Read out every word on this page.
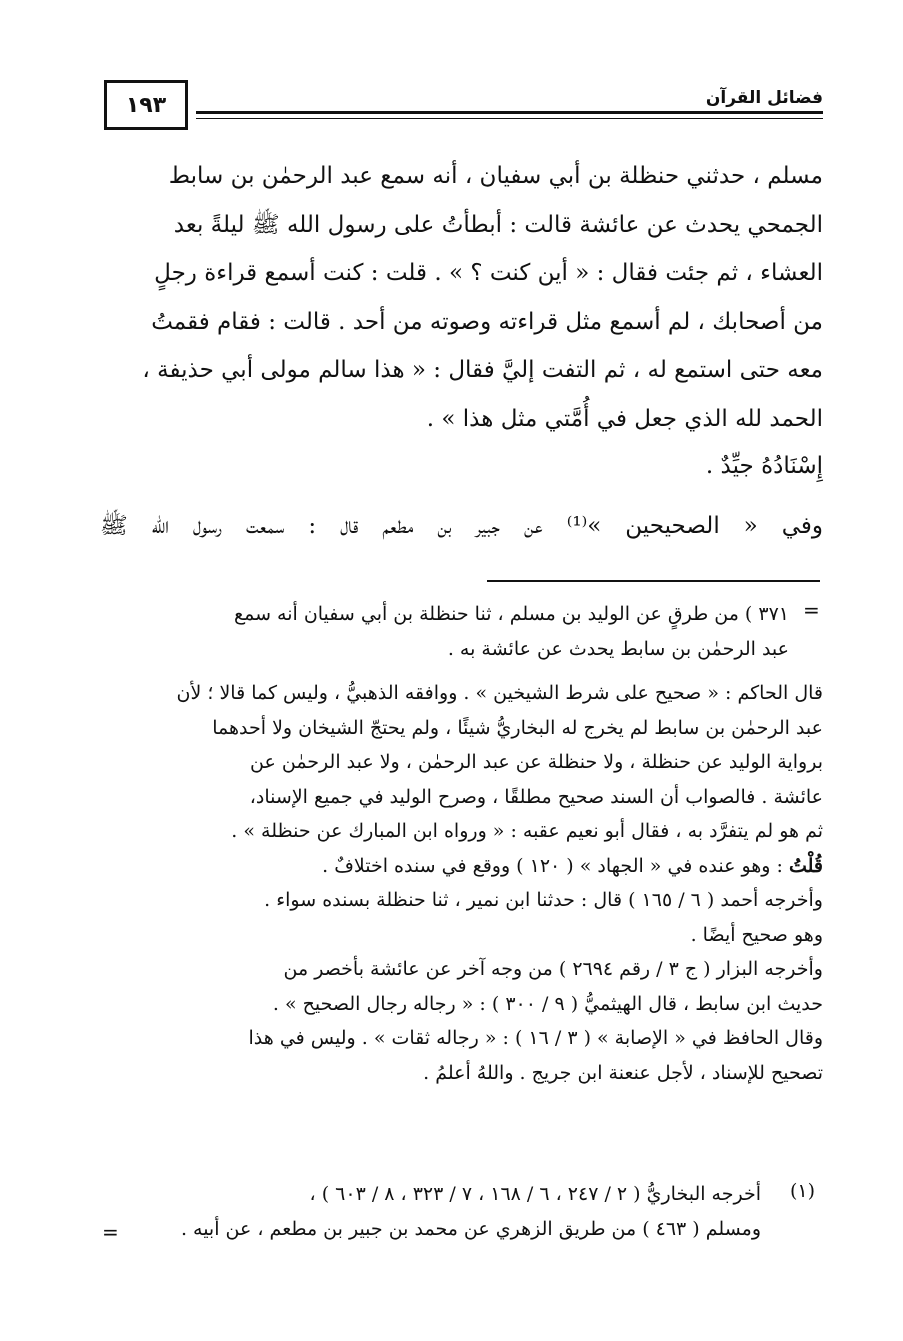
فضائل القرآن
١٩٣

مسلم ، حدثني حنظلة بن أبي سفيان ، أنه سمع عبد الرحمٰن بن سابط

الجمحي يحدث عن عائشة قالت : أبطأتُ على رسول الله ﷺ ليلةً بعد

العشاء ، ثم جئت فقال : « أين كنت ؟ » . قلت : كنت أسمع قراءة رجلٍ

من أصحابك ، لم أسمع مثل قراءته وصوته من أحد . قالت : فقام فقمتُ

معه حتى استمع له ، ثم التفت إليَّ فقال : « هذا سالم مولى أبي حذيفة ،

الحمد لله الذي جعل في أُمَّتي مثل هذا » .

إِسْنَادُهُ جيِّدٌ .
وفي « الصحيحين »⁽¹⁾ عن جبير بن مطعم قال : سمعت رسول الله ﷺ
=

٣٧١ ) من طرقٍ عن الوليد بن مسلم ، ثنا حنظلة بن أبي سفيان أنه سمع

عبد الرحمٰن بن سابط يحدث عن عائشة به .

قال الحاكم : « صحيح على شرط الشيخين » . ووافقه الذهبيُّ ، وليس كما قالا ؛ لأن

عبد الرحمٰن بن سابط لم يخرج له البخاريُّ شيئًا ، ولم يحتجّ الشيخان ولا أحدهما

برواية الوليد عن حنظلة ، ولا حنظلة عن عبد الرحمٰن ، ولا عبد الرحمٰن عن

عائشة . فالصواب أن السند صحيح مطلقًا ، وصرح الوليد في جميع الإسناد،

ثم هو لم يتفرَّد به ، فقال أبو نعيم عقبه : « ورواه ابن المبارك عن حنظلة » .

قُلْتُ : وهو عنده في « الجهاد » ( ١٢٠ ) ووقع في سنده اختلافٌ .

وأخرجه أحمد ( ٦ / ١٦٥ ) قال : حدثنا ابن نمير ، ثنا حنظلة بسنده سواء .

وهو صحيح أيضًا .

وأخرجه البزار ( ج ٣ / رقم ٢٦٩٤ ) من وجه آخر عن عائشة بأخصر من

حديث ابن سابط ، قال الهيثميُّ ( ٩ / ٣٠٠ ) : « رجاله رجال الصحيح » .

وقال الحافظ في « الإصابة » ( ٣ / ١٦ ) : « رجاله ثقات » . وليس في هذا

تصحيح للإسناد ، لأجل عنعنة ابن جريج . واللهُ أعلمُ .

(١)

أخرجه البخاريُّ ( ٢ / ٢٤٧ ، ٦ / ١٦٨ ، ٧ / ٣٢٣ ، ٨ / ٦٠٣ ) ،

ومسلم ( ٤٦٣ ) من طريق الزهري عن محمد بن جبير بن مطعم ، عن أبيه .

=
